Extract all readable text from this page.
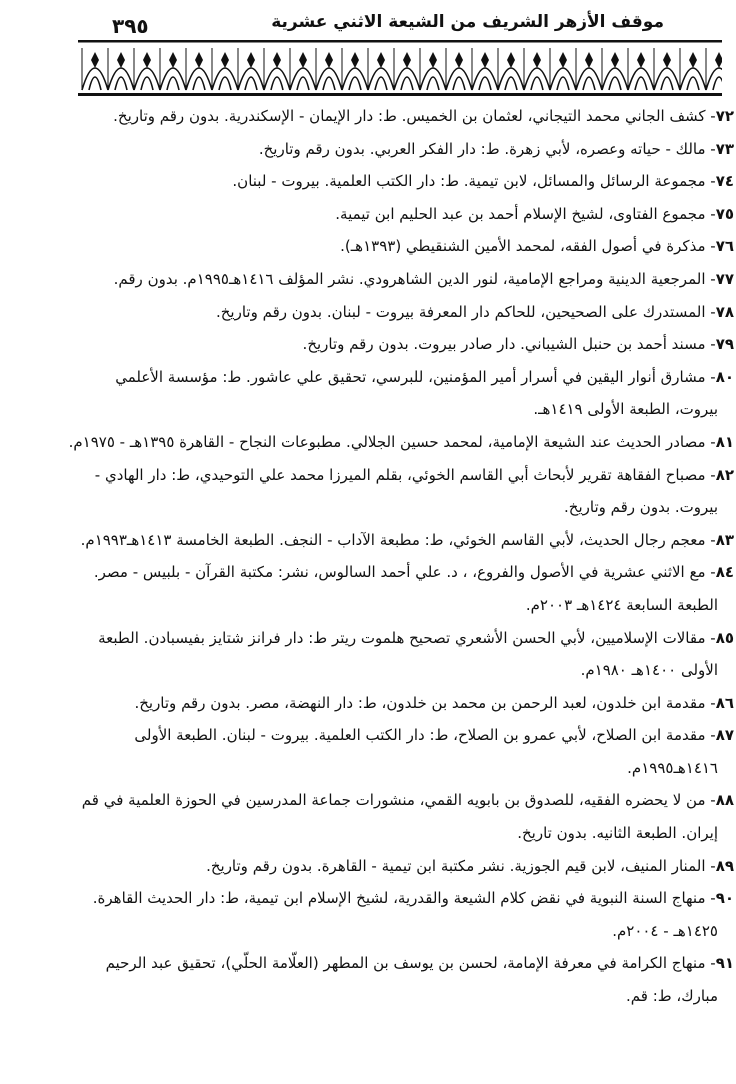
٣٩٥	موقف الأزهر الشريف من الشيعة الاثني عشرية

٧٢- كشف الجاني محمد التيجاني، لعثمان بن الخميس. ط: دار الإيمان - الإسكندرية. بدون رقم وتاريخ.

٧٣- مالك - حياته وعصره، لأبي زهرة. ط: دار الفكر العربي. بدون رقم وتاريخ.

٧٤- مجموعة الرسائل والمسائل، لابن تيمية. ط: دار الكتب العلمية. بيروت - لبنان.

٧٥- مجموع الفتاوى، لشيخ الإسلام أحمد بن عبد الحليم ابن تيمية.

٧٦- مذكرة في أصول الفقه، لمحمد الأمين الشنقيطي (١٣٩٣هـ).

٧٧- المرجعية الدينية ومراجع الإمامية، لنور الدين الشاهرودي. نشر المؤلف ١٤١٦هـ١٩٩٥م. بدون رقم.

٧٨- المستدرك على الصحيحين، للحاكم دار المعرفة بيروت - لبنان. بدون رقم وتاريخ.

٧٩- مسند أحمد بن حنبل الشيباني. دار صادر بيروت. بدون رقم وتاريخ.

٨٠- مشارق أنوار اليقين في أسرار أمير المؤمنين، للبرسي، تحقيق علي عاشور. ط: مؤسسة الأعلمي بيروت، الطبعة الأولى ١٤١٩هـ.

٨١- مصادر الحديث عند الشيعة الإمامية، لمحمد حسين الجلالي. مطبوعات النجاح - القاهرة ١٣٩٥هـ - ١٩٧٥م.

٨٢- مصباح الفقاهة تقرير لأبحاث أبي القاسم الخوئي، بقلم الميرزا محمد علي التوحيدي، ط: دار الهادي - بيروت. بدون رقم وتاريخ.

٨٣- معجم رجال الحديث، لأبي القاسم الخوئي، ط: مطبعة الآداب - النجف. الطبعة الخامسة ١٤١٣هـ١٩٩٣م.

٨٤- مع الاثني عشرية في الأصول والفروع، ، د. علي أحمد السالوس، نشر: مكتبة القرآن - بلبيس - مصر. الطبعة السابعة ١٤٢٤هـ ٢٠٠٣م.

٨٥- مقالات الإسلاميين، لأبي الحسن الأشعري تصحيح هلموت ريتر ط: دار فرانز شتايز بفيسبادن. الطبعة الأولى ١٤٠٠هـ ١٩٨٠م.

٨٦- مقدمة ابن خلدون، لعبد الرحمن بن محمد بن خلدون، ط: دار النهضة، مصر. بدون رقم وتاريخ.

٨٧- مقدمة ابن الصلاح، لأبي عمرو بن الصلاح، ط: دار الكتب العلمية. بيروت - لبنان. الطبعة الأولى ١٤١٦هـ١٩٩٥م.

٨٨- من لا يحضره الفقيه، للصدوق بن بابويه القمي، منشورات جماعة المدرسين في الحوزة العلمية في قم إيران. الطبعة الثانيه. بدون تاريخ.

٨٩- المنار المنيف، لابن قيم الجوزية. نشر مكتبة ابن تيمية - القاهرة. بدون رقم وتاريخ.

٩٠- منهاج السنة النبوية في نقض كلام الشيعة والقدرية، لشيخ الإسلام ابن تيمية، ط: دار الحديث القاهرة. ١٤٢٥هـ - ٢٠٠٤م.

٩١- منهاج الكرامة في معرفة الإمامة، لحسن بن يوسف بن المطهر (العلّامة الحلّي)، تحقيق عبد الرحيم مبارك، ط: قم.
